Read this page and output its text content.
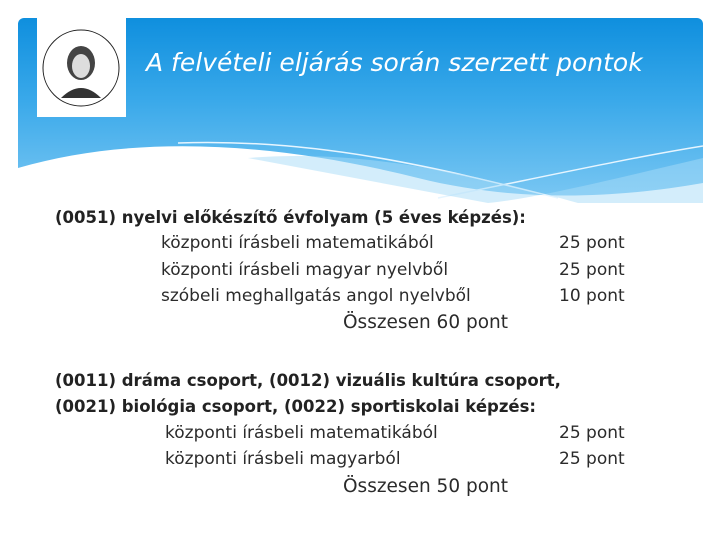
A felvételi eljárás során szerzett pontok
(0051) nyelvi előkészítő évfolyam (5 éves képzés):
központi írásbeli matematikából	25 pont
központi írásbeli magyar nyelvből	25 pont
szóbeli meghallgatás angol nyelvből	10 pont
Összesen 60 pont
(0011) dráma csoport, (0012) vizuális kultúra csoport,
(0021) biológia csoport, (0022) sportiskolai képzés:
központi írásbeli matematikából	25 pont
központi írásbeli magyarból	25 pont
Összesen 50 pont
